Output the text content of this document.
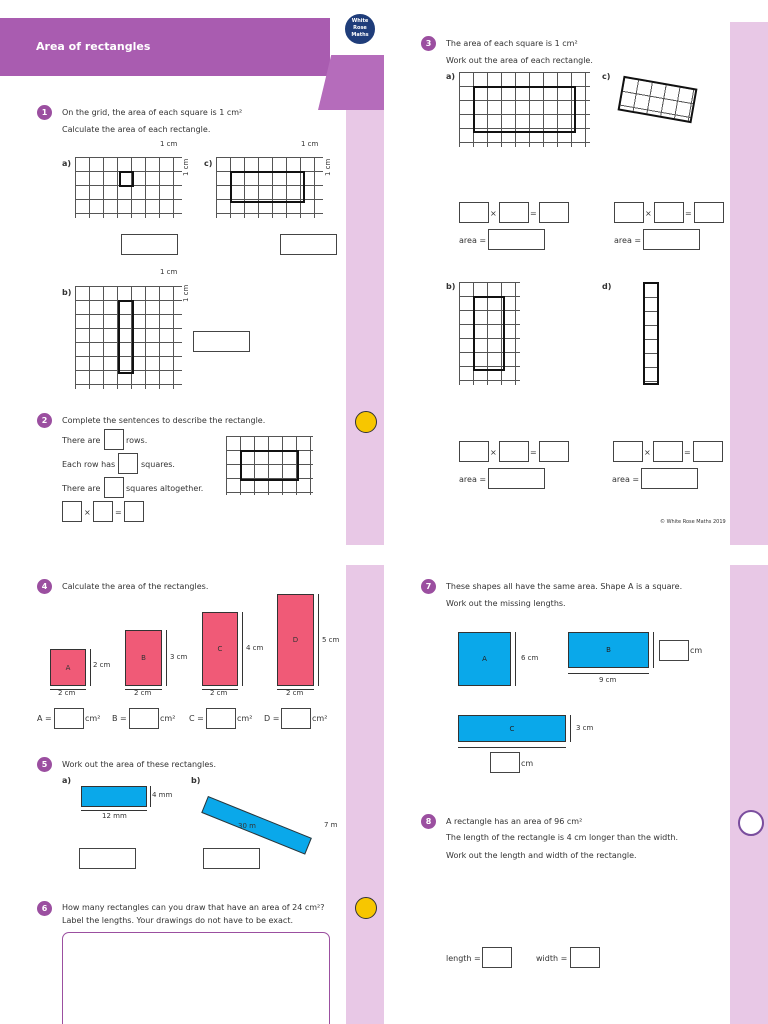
Area of rectangles
White
Rose
Maths
1	On the grid, the area of each square is 1 cm²
Calculate the area of each rectangle.
a)
1 cm
1 cm c)
1 cm
1 cm
b)
1 cm
1 cm
2	Complete the sentences to describe the rectangle.
There are	rows.
Each row has	squares.
There are	squares altogether.
×	=
3	The area of each square is 1 cm²
Work out the area of each rectangle.
a)	c)
×	=
area =
×	=
area =
b)	d)
×	=
area =
×	=
area =
© White Rose Maths 2019
4	Calculate the area of the rectangles.
A	2 cm
2 cm
B	3 cm
2 cm
C	4 cm
2 cm
D	5 cm
2 cm
A =	cm² B =	cm² C =	cm² D =	cm²
5	Work out the area of these rectangles.
a)	b)
4 mm
12 mm
30 m	7 m
6	How many rectangles can you draw that have an area of 24 cm²?
Label the lengths. Your drawings do not have to be exact.
7	These shapes all have the same area. Shape A is a square.
Work out the missing lengths.
A	6 cm
B	cm
9 cm
C	3 cm
cm
8	A rectangle has an area of 96 cm²
The length of the rectangle is 4 cm longer than the width.
Work out the length and width of the rectangle.
length =	width =
